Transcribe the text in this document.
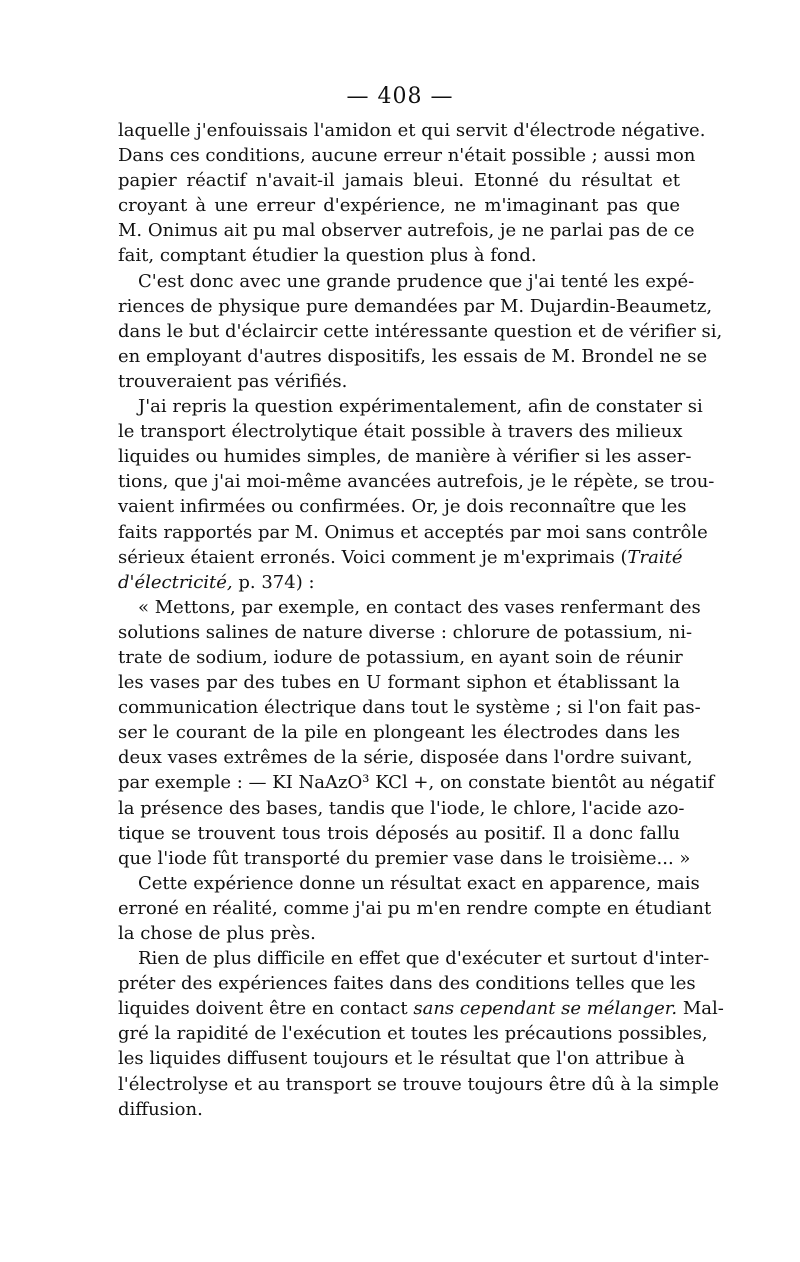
— 408 —
laquelle j'enfouissais l'amidon et qui servit d'électrode négative.
Dans ces conditions, aucune erreur n'était possible ; aussi mon
papier réactif n'avait-il jamais bleui. Etonné du résultat et
croyant à une erreur d'expérience, ne m'imaginant pas que
M. Onimus ait pu mal observer autrefois, je ne parlai pas de ce
fait, comptant étudier la question plus à fond.
C'est donc avec une grande prudence que j'ai tenté les expé-
riences de physique pure demandées par M. Dujardin-Beaumetz,
dans le but d'éclaircir cette intéressante question et de vérifier si,
en employant d'autres dispositifs, les essais de M. Brondel ne se
trouveraient pas vérifiés.
J'ai repris la question expérimentalement, afin de constater si
le transport électrolytique était possible à travers des milieux
liquides ou humides simples, de manière à vérifier si les asser-
tions, que j'ai moi-même avancées autrefois, je le répète, se trou-
vaient infirmées ou confirmées. Or, je dois reconnaître que les
faits rapportés par M. Onimus et acceptés par moi sans contrôle
sérieux étaient erronés. Voici comment je m'exprimais (Traité
d'électricité, p. 374) :
« Mettons, par exemple, en contact des vases renfermant des
solutions salines de nature diverse : chlorure de potassium, ni-
trate de sodium, iodure de potassium, en ayant soin de réunir
les vases par des tubes en U formant siphon et établissant la
communication électrique dans tout le système ; si l'on fait pas-
ser le courant de la pile en plongeant les électrodes dans les
deux vases extrêmes de la série, disposée dans l'ordre suivant,
par exemple : — KI NaAzO³ KCl +, on constate bientôt au négatif
la présence des bases, tandis que l'iode, le chlore, l'acide azo-
tique se trouvent tous trois déposés au positif. Il a donc fallu
que l'iode fût transporté du premier vase dans le troisième... »
Cette expérience donne un résultat exact en apparence, mais
erroné en réalité, comme j'ai pu m'en rendre compte en étudiant
la chose de plus près.
Rien de plus difficile en effet que d'exécuter et surtout d'inter-
préter des expériences faites dans des conditions telles que les
liquides doivent être en contact sans cependant se mélanger. Mal-
gré la rapidité de l'exécution et toutes les précautions possibles,
les liquides diffusent toujours et le résultat que l'on attribue à
l'électrolyse et au transport se trouve toujours être dû à la simple
diffusion.
